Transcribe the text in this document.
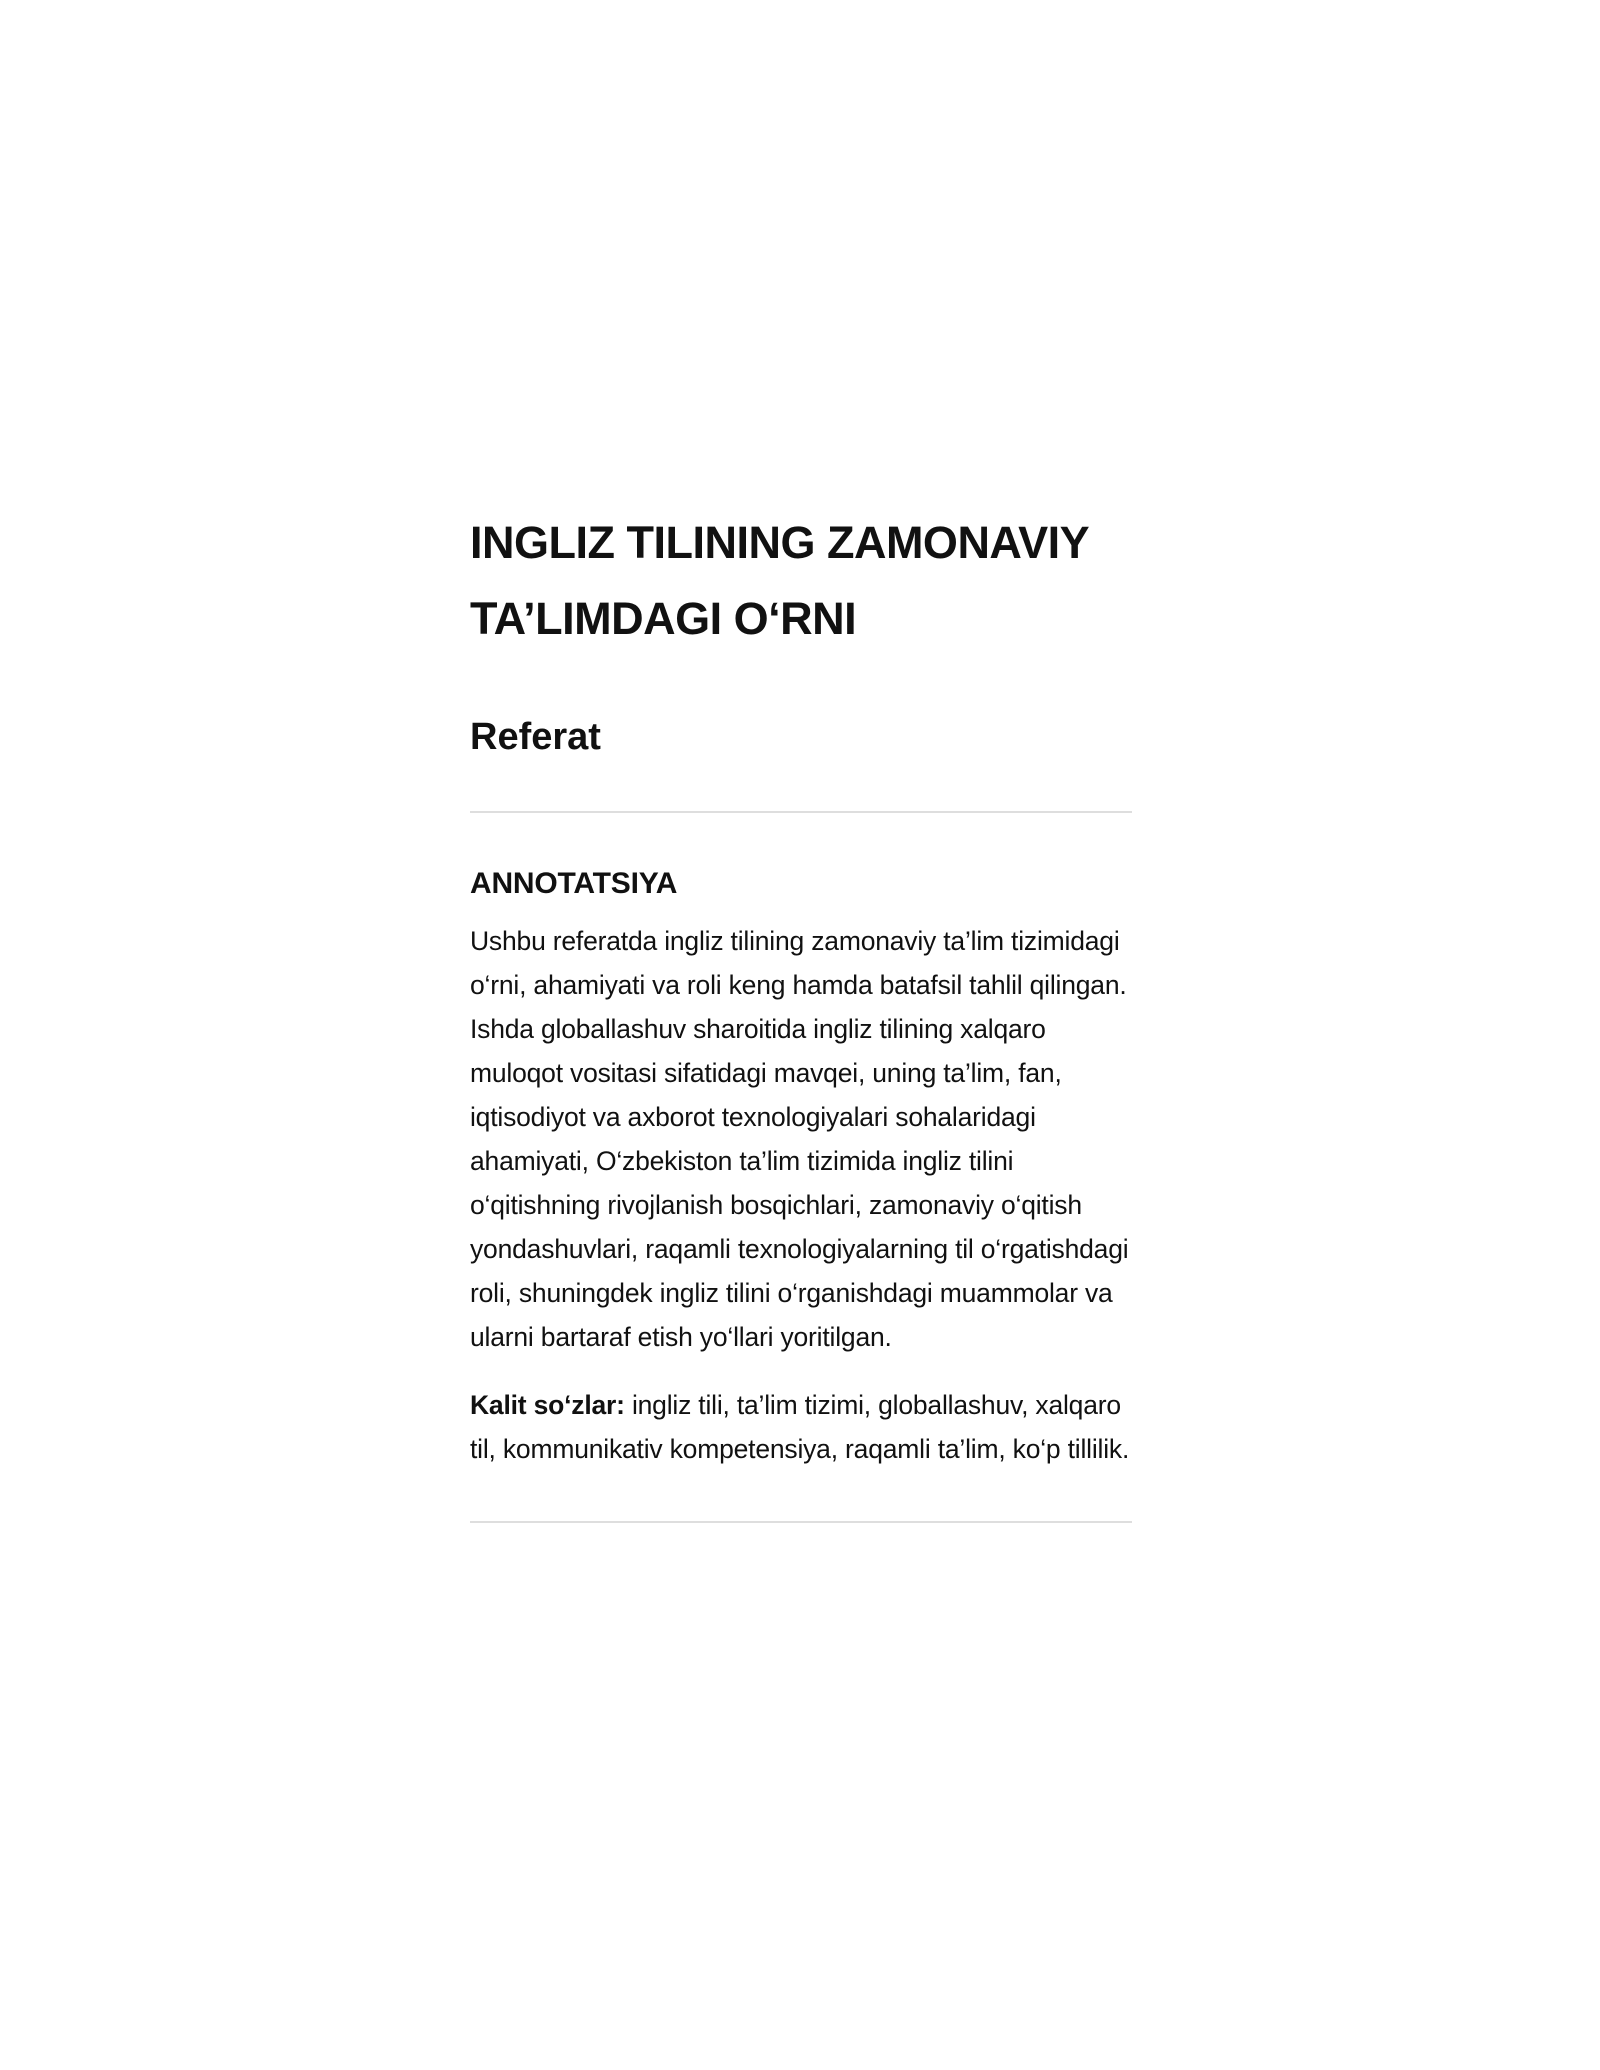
INGLIZ TILINING ZAMONAVIY TA’LIMDAGI O‘RNI
Referat
ANNOTATSIYA

Ushbu referatda ingliz tilining zamonaviy ta’lim tizimidagi o‘rni, ahamiyati va roli keng hamda batafsil tahlil qilingan. Ishda globallashuv sharoitida ingliz tilining xalqaro muloqot vositasi sifatidagi mavqei, uning ta’lim, fan, iqtisodiyot va axborot texnologiyalari sohalaridagi ahamiyati, O‘zbekiston ta’lim tizimida ingliz tilini o‘qitishning rivojlanish bosqichlari, zamonaviy o‘qitish yondashuvlari, raqamli texnologiyalarning til o‘rgatishdagi roli, shuningdek ingliz tilini o‘rganishdagi muammolar va ularni bartaraf etish yo‘llari yoritilgan.

Kalit so‘zlar: ingliz tili, ta’lim tizimi, globallashuv, xalqaro til, kommunikativ kompetensiya, raqamli ta’lim, ko‘p tillilik.
